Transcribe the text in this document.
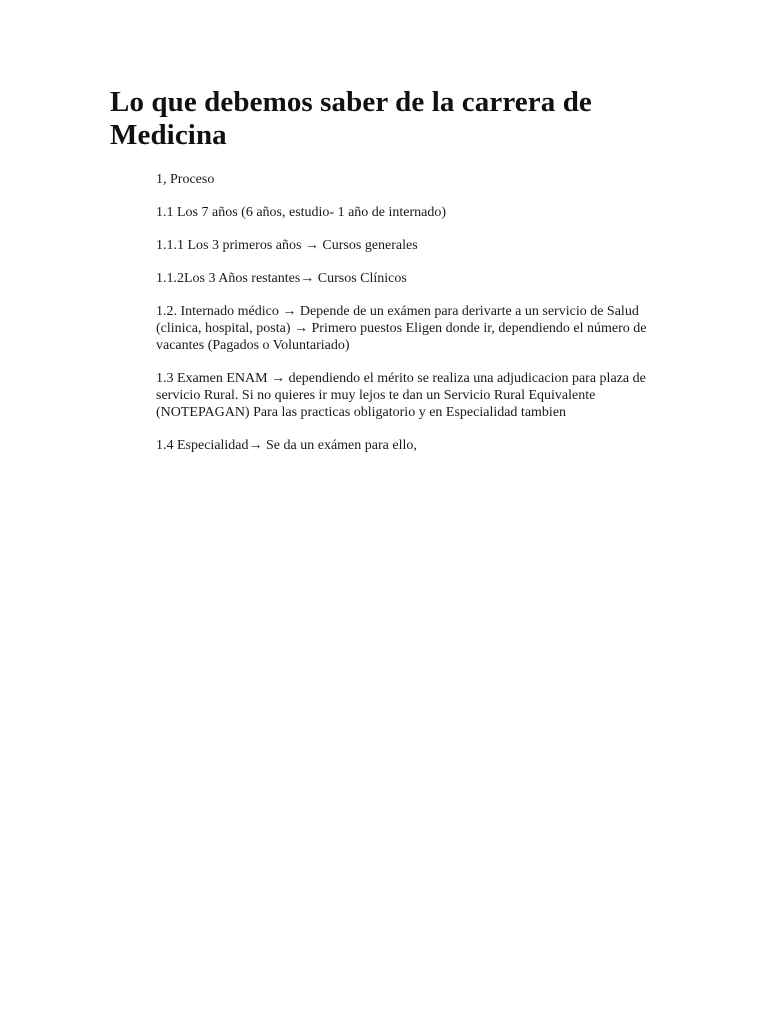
Lo que debemos saber de la carrera de Medicina

1, Proceso

1.1 Los 7 años (6 años, estudio- 1 año de internado)

1.1.1 Los 3 primeros años → Cursos generales

1.1.2Los 3 Años restantes→ Cursos Clínicos

1.2. Internado médico → Depende de un exámen para derivarte a un servicio de Salud (clinica, hospital, posta) → Primero puestos Eligen donde ir, dependiendo el número de vacantes (Pagados o Voluntariado)

1.3 Examen ENAM → dependiendo el mérito se realiza una adjudicacion para plaza de servicio Rural. Si no quieres ir muy lejos te dan un Servicio Rural Equivalente (NOTEPAGAN) Para las practicas obligatorio y en Especialidad tambien

1.4 Especialidad→ Se da un exámen para ello,
